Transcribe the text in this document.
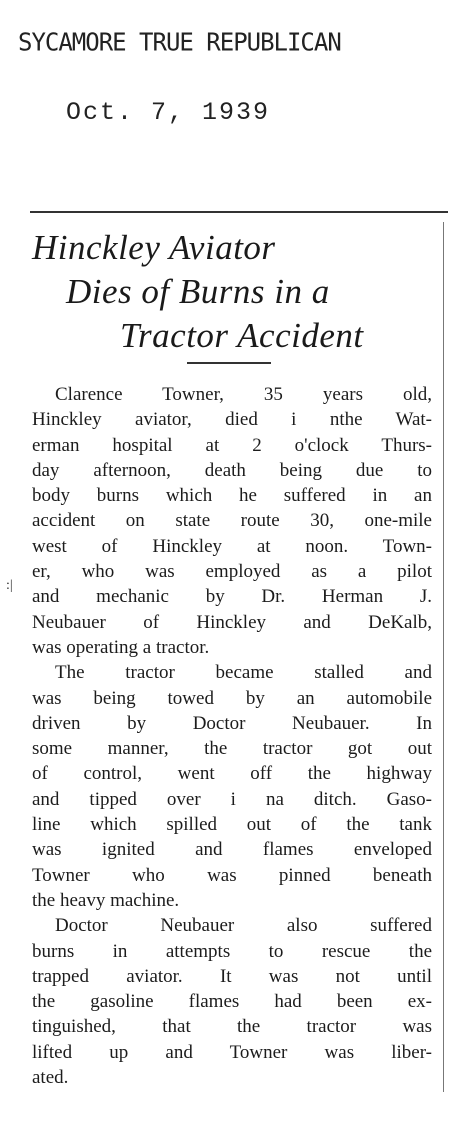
SYCAMORE TRUE REPUBLICAN
Oct. 7, 1939
:|
Hinckley Aviator
Dies of Burns in a
Tractor Accident

Clarence Towner, 35 years old,
Hinckley aviator, died i nthe Wat-
erman hospital at 2 o'clock Thurs-
day afternoon, death being due to
body burns which he suffered in an
accident on state route 30, one-mile
west of Hinckley at noon. Town-
er, who was employed as a pilot
and mechanic by Dr. Herman J.
Neubauer of Hinckley and DeKalb,
was operating a tractor.

The tractor became stalled and
was being towed by an automobile
driven by Doctor Neubauer. In
some manner, the tractor got out
of control, went off the highway
and tipped over i na ditch. Gaso-
line which spilled out of the tank
was ignited and flames enveloped
Towner who was pinned beneath
the heavy machine.

Doctor Neubauer also suffered
burns in attempts to rescue the
trapped aviator. It was not until
the gasoline flames had been ex-
tinguished, that the tractor was
lifted up and Towner was liber-
ated.
